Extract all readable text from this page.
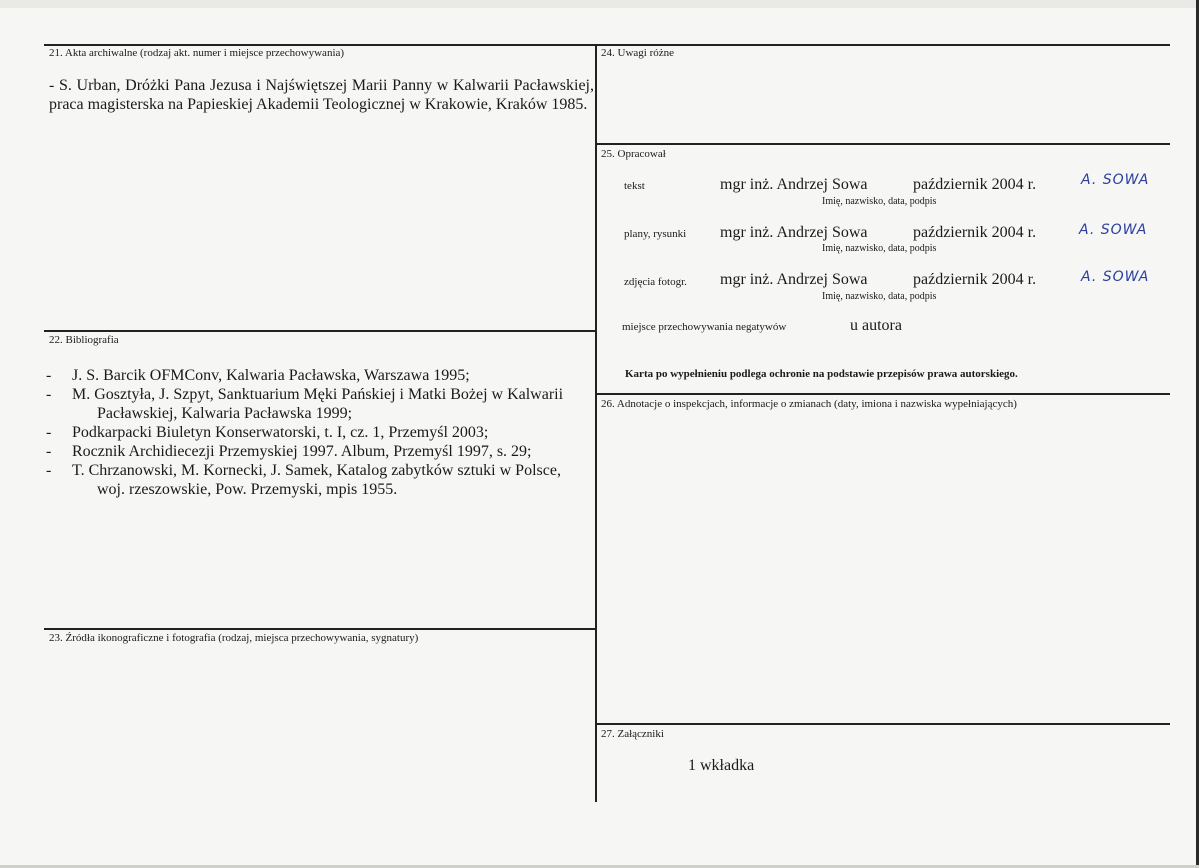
21. Akta archiwalne (rodzaj akt. numer i miejsce przechowywania)
- S. Urban, Dróżki Pana Jezusa i Najświętszej Marii Panny w Kalwarii Pacławskiej, praca magisterska na Papieskiej Akademii Teologicznej w Krakowie, Kraków 1985.
22. Bibliografia
- J. S. Barcik OFMConv, Kalwaria Pacławska, Warszawa 1995;
- M. Gosztyła, J. Szpyt, Sanktuarium Męki Pańskiej i Matki Bożej w Kalwarii Pacławskiej, Kalwaria Pacławska 1999;
- Podkarpacki Biuletyn Konserwatorski, t. I, cz. 1, Przemyśl 2003;
- Rocznik Archidiecezji Przemyskiej 1997. Album, Przemyśl 1997, s. 29;
- T. Chrzanowski, M. Kornecki, J. Samek, Katalog zabytków sztuki w Polsce, woj. rzeszowskie, Pow. Przemyski, mpis 1955.
23. Źródła ikonograficzne i fotografia (rodzaj, miejsca przechowywania, sygnatury)
24. Uwagi różne
25. Opracował
tekst	mgr inż. Andrzej Sowa	październik 2004 r.	A. SOWA
Imię, nazwisko, data, podpis
plany, rysunki mgr inż. Andrzej Sowa	październik 2004 r.	A. SOWA
Imię, nazwisko, data, podpis
zdjęcia fotogr. mgr inż. Andrzej Sowa	październik 2004 r.	A. SOWA
Imię, nazwisko, data, podpis
miejsce przechowywania negatywów	u autora
Karta po wypełnieniu podlega ochronie na podstawie przepisów prawa autorskiego.
26. Adnotacje o inspekcjach, informacje o zmianach (daty, imiona i nazwiska wypełniających)
27. Załączniki
1 wkładka
